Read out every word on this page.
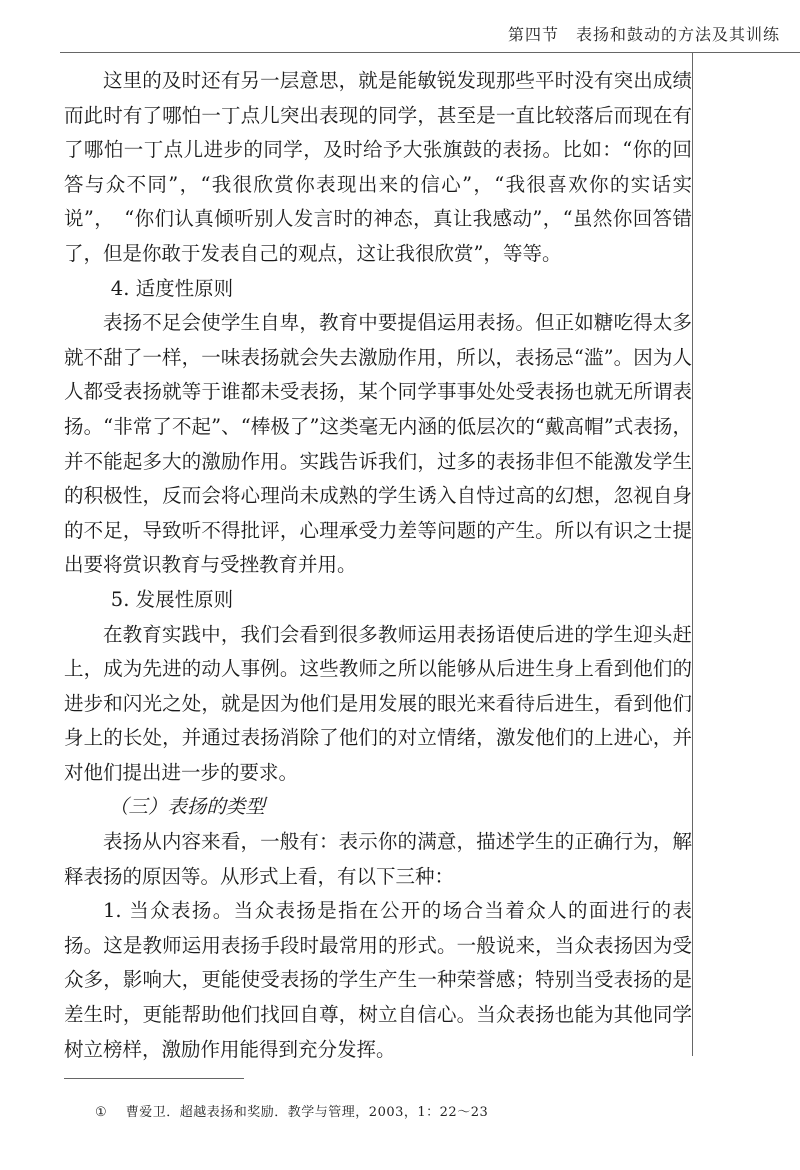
第四节　表扬和鼓动的方法及其训练

这里的及时还有另一层意思，就是能敏锐发现那些平时没有突出成绩而此时有了哪怕一丁点儿突出表现的同学，甚至是一直比较落后而现在有了哪怕一丁点儿进步的同学，及时给予大张旗鼓的表扬。比如：“你的回答与众不同”，“我很欣赏你表现出来的信心”，“我很喜欢你的实话实说”，　“你们认真倾听别人发言时的神态，真让我感动”，“虽然你回答错了，但是你敢于发表自己的观点，这让我很欣赏”，等等。

4. 适度性原则

表扬不足会使学生自卑，教育中要提倡运用表扬。但正如糖吃得太多就不甜了一样，一味表扬就会失去激励作用，所以，表扬忌“滥”。因为人人都受表扬就等于谁都未受表扬，某个同学事事处处受表扬也就无所谓表扬。“非常了不起”、“棒极了”这类毫无内涵的低层次的“戴高帽”式表扬，并不能起多大的激励作用。实践告诉我们，过多的表扬非但不能激发学生的积极性，反而会将心理尚未成熟的学生诱入自恃过高的幻想，忽视自身的不足，导致听不得批评，心理承受力差等问题的产生。所以有识之士提出要将赏识教育与受挫教育并用。

5. 发展性原则

在教育实践中，我们会看到很多教师运用表扬语使后进的学生迎头赶上，成为先进的动人事例。这些教师之所以能够从后进生身上看到他们的进步和闪光之处，就是因为他们是用发展的眼光来看待后进生，看到他们身上的长处，并通过表扬消除了他们的对立情绪，激发他们的上进心，并对他们提出进一步的要求。

（三）表扬的类型

表扬从内容来看，一般有：表示你的满意，描述学生的正确行为，解释表扬的原因等。从形式上看，有以下三种：

1. 当众表扬。当众表扬是指在公开的场合当着众人的面进行的表扬。这是教师运用表扬手段时最常用的形式。一般说来，当众表扬因为受众多，影响大，更能使受表扬的学生产生一种荣誉感；特别当受表扬的是差生时，更能帮助他们找回自尊，树立自信心。当众表扬也能为其他同学树立榜样，激励作用能得到充分发挥。

① 曹爱卫．超越表扬和奖励．教学与管理，2003，1：22～23
